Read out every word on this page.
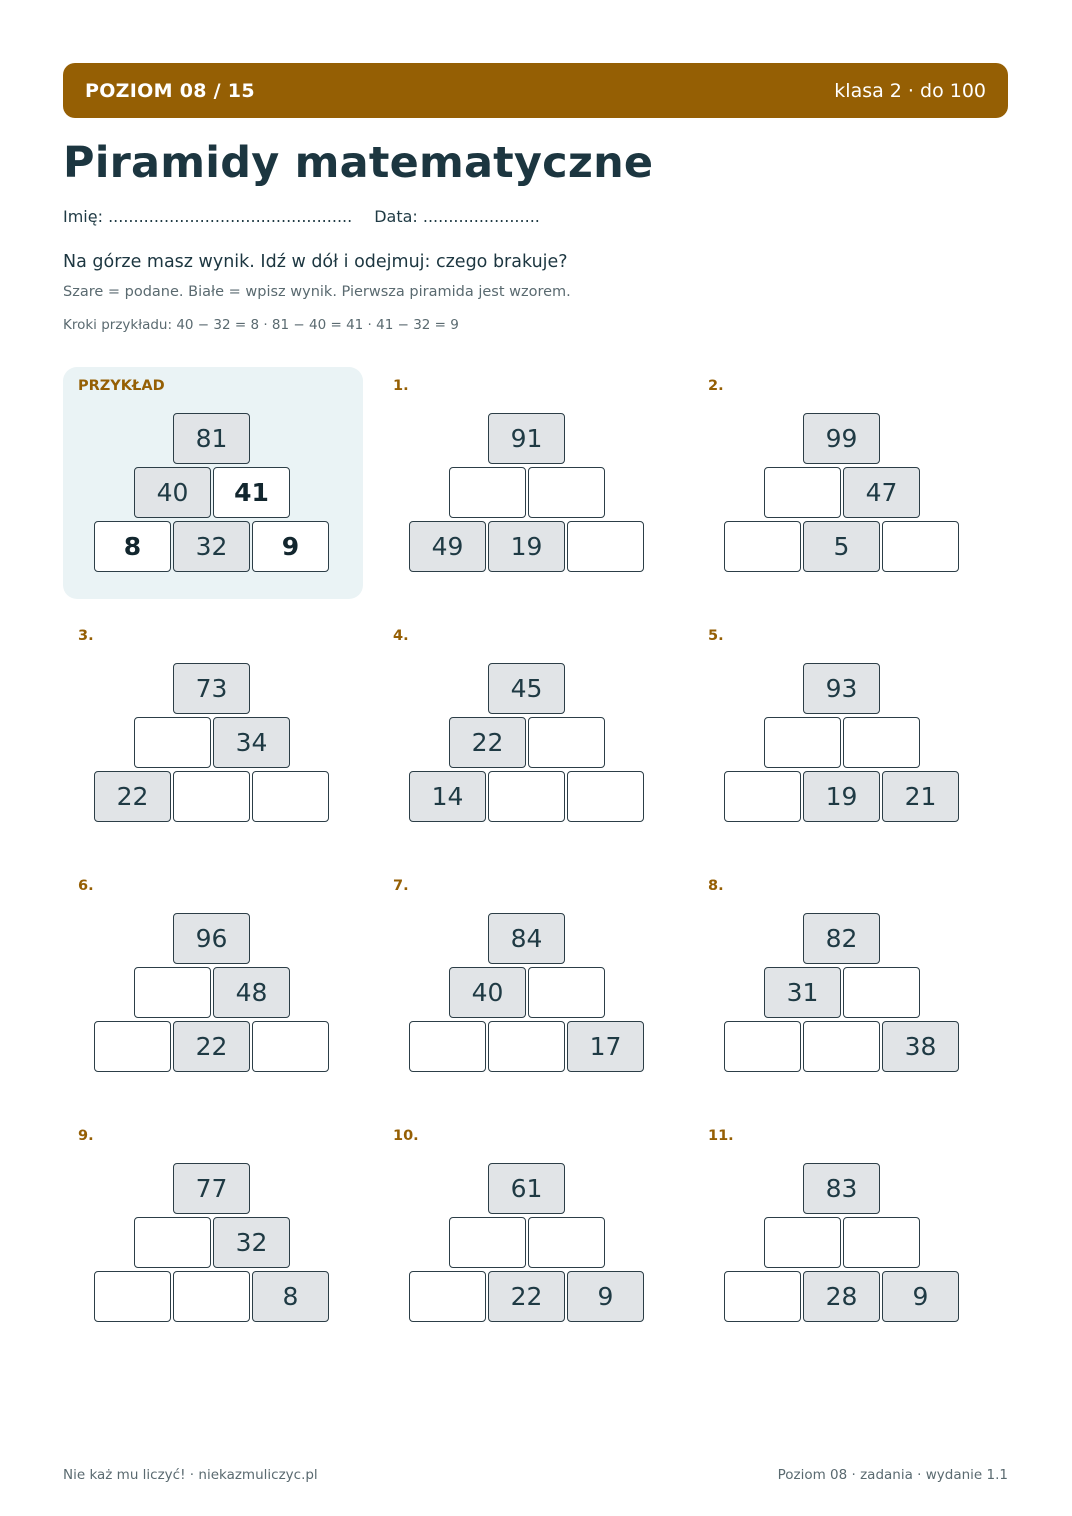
POZIOM 08 / 15	klasa 2 · do 100
Piramidy matematyczne
Imię: ................................................ Data: .......................
Na górze masz wynik. Idź w dół i odejmuj: czego brakuje?
Szare = podane. Białe = wpisz wynik. Pierwsza piramida jest wzorem.
Kroki przykładu: 40 − 32 = 8 · 81 − 40 = 41 · 41 − 32 = 9
PRZYKŁAD
81
40	41
8	32	9
1.
91
49	19
2.
99
47
5
3.
73
34
22
4.
45
22
14
5.
93
19	21
6.
96
48
22
7.
84
40
17
8.
82
31
38
9.
77
32
8
10.
61
22	9
11.
83
28	9
Nie każ mu liczyć! · niekazmuliczyc.pl	Poziom 08 · zadania · wydanie 1.1
